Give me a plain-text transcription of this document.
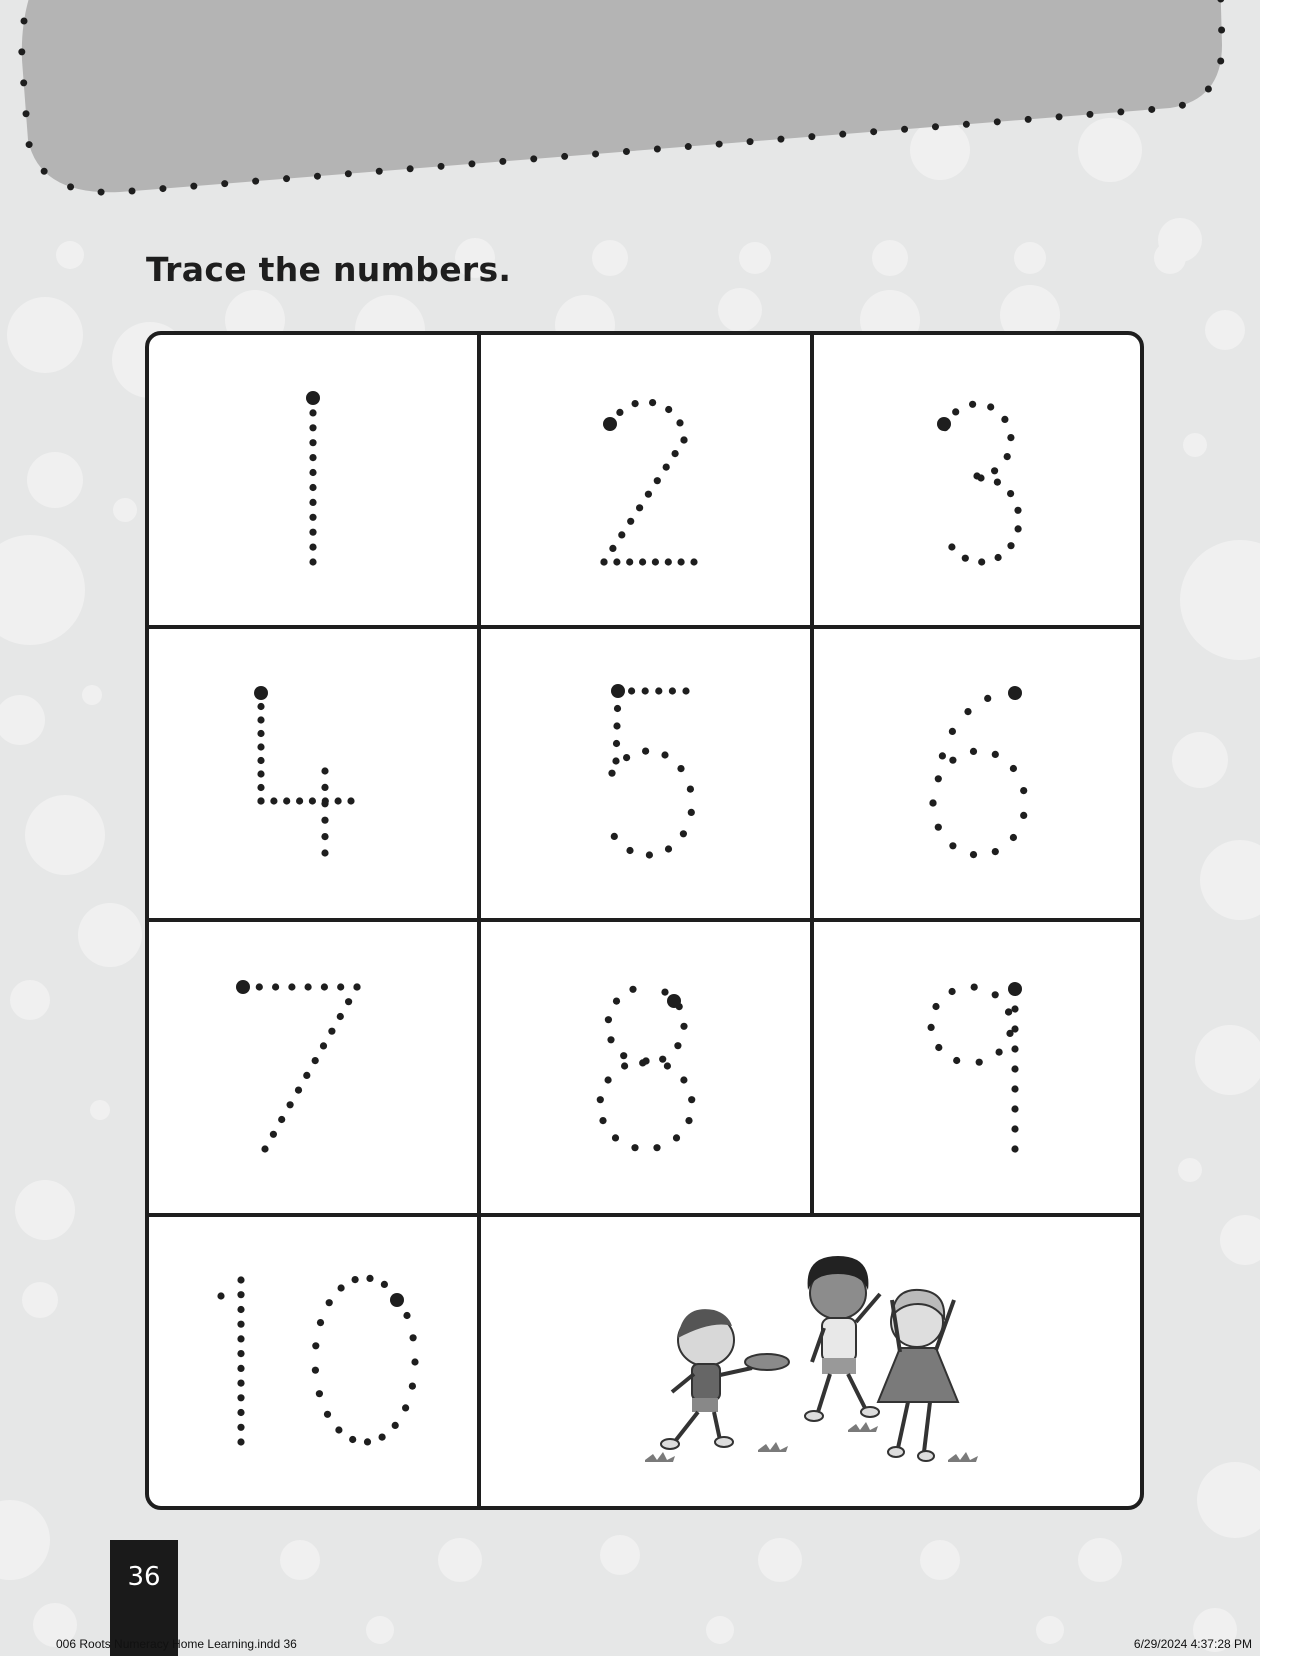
Trace the numbers.
36
006 Roots Numeracy Home Learning.indd 36	6/29/2024 4:37:28 PM
